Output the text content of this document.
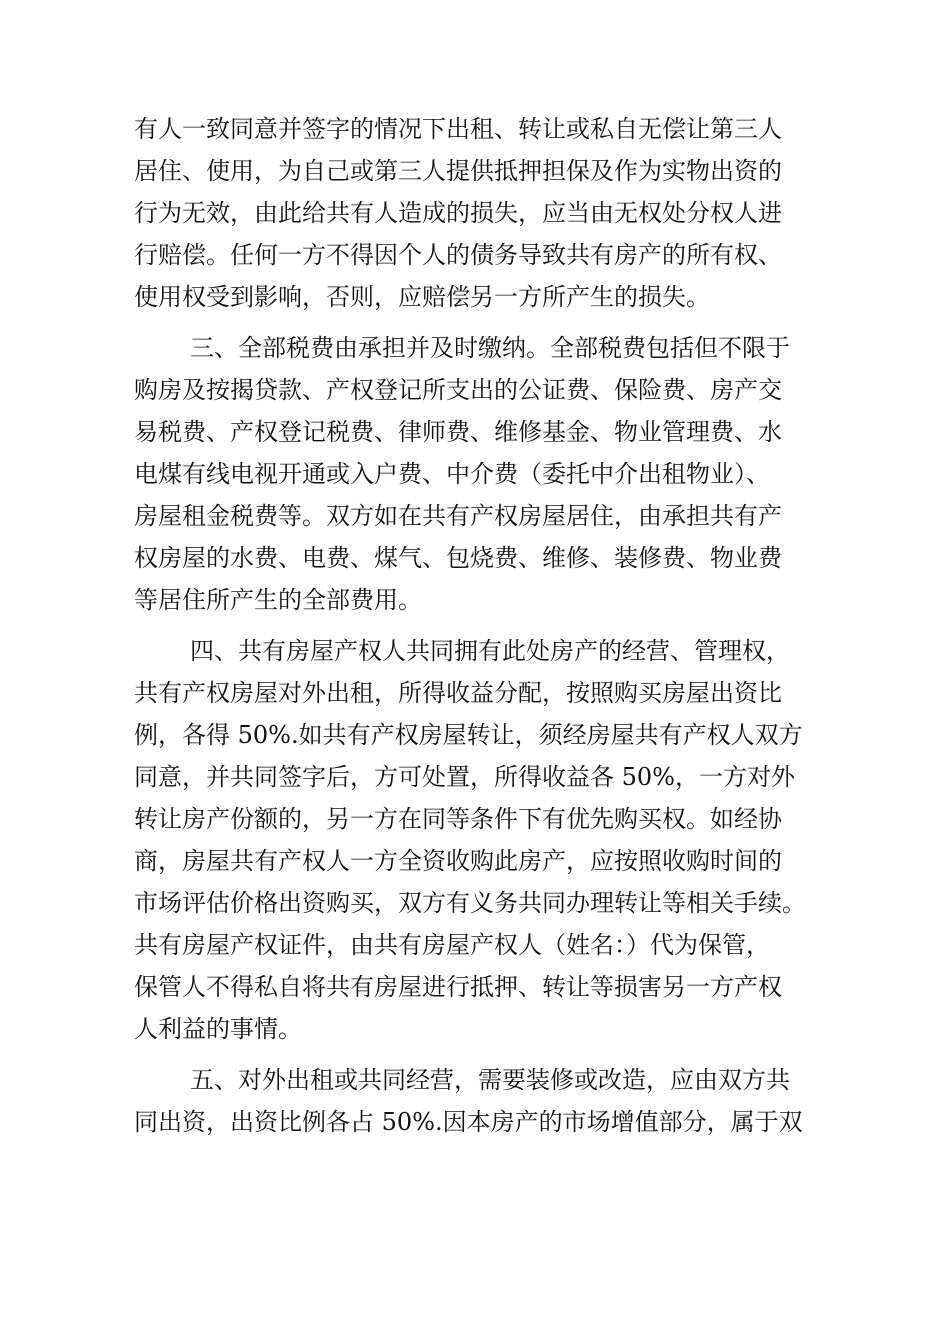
有人一致同意并签字的情况下出租、转让或私自无偿让第三人

居住、使用，为自己或第三人提供抵押担保及作为实物出资的

行为无效，由此给共有人造成的损失，应当由无权处分权人进

行赔偿。任何一方不得因个人的债务导致共有房产的所有权、

使用权受到影响，否则，应赔偿另一方所产生的损失。

三、全部税费由承担并及时缴纳。全部税费包括但不限于

购房及按揭贷款、产权登记所支出的公证费、保险费、房产交

易税费、产权登记税费、律师费、维修基金、物业管理费、水

电煤有线电视开通或入户费、中介费（委托中介出租物业）、

房屋租金税费等。双方如在共有产权房屋居住，由承担共有产

权房屋的水费、电费、煤气、包烧费、维修、装修费、物业费

等居住所产生的全部费用。

四、共有房屋产权人共同拥有此处房产的经营、管理权，

共有产权房屋对外出租，所得收益分配，按照购买房屋出资比

例，各得 50%.如共有产权房屋转让，须经房屋共有产权人双方

同意，并共同签字后，方可处置，所得收益各 50%，一方对外

转让房产份额的，另一方在同等条件下有优先购买权。如经协

商，房屋共有产权人一方全资收购此房产，应按照收购时间的

市场评估价格出资购买，双方有义务共同办理转让等相关手续。

共有房屋产权证件，由共有房屋产权人（姓名：）代为保管，

保管人不得私自将共有房屋进行抵押、转让等损害另一方产权

人利益的事情。

五、对外出租或共同经营，需要装修或改造，应由双方共

同出资，出资比例各占 50%.因本房产的市场增值部分，属于双
